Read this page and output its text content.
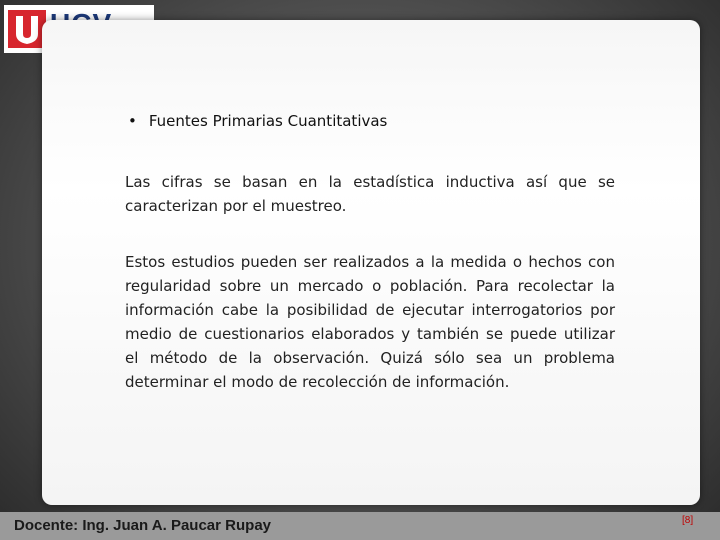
• Fuentes Primarias Cuantitativas
Las cifras se basan en la estadística inductiva así que se caracterizan por el muestreo.
Estos estudios pueden ser realizados a la medida o hechos con regularidad sobre un mercado o población. Para recolectar la información cabe la posibilidad de ejecutar interrogatorios por medio de cuestionarios elaborados y también se puede utilizar el método de la observación. Quizá sólo sea un problema determinar el modo de recolección de información.
Docente: Ing. Juan A. Paucar Rupay	[8]
